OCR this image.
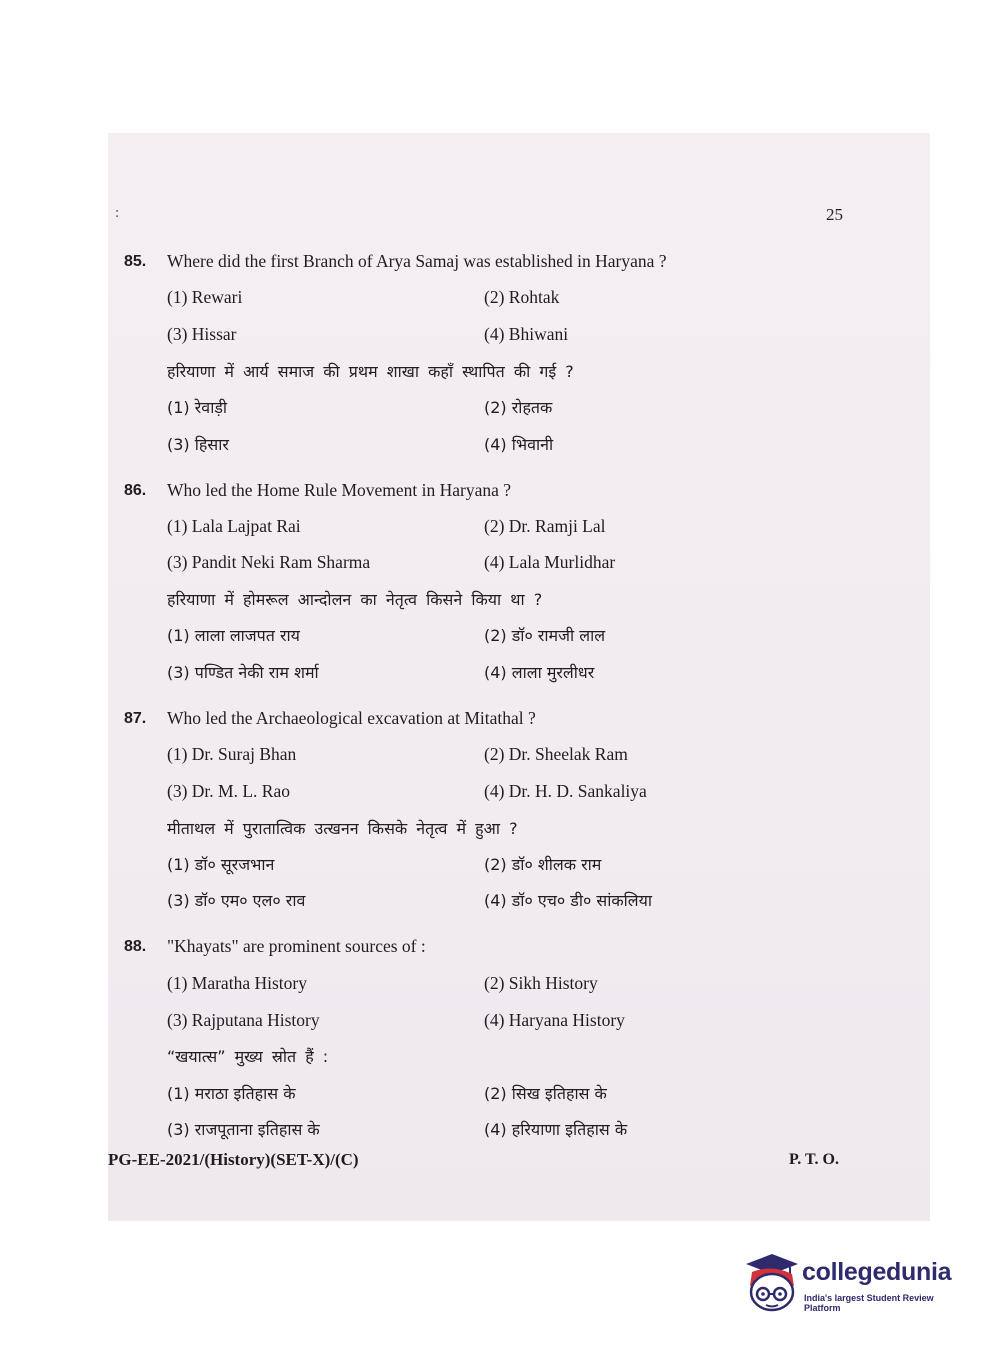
:	25
85. Where did the first Branch of Arya Samaj was established in Haryana ?
(1) Rewari	(2) Rohtak
(3) Hissar	(4) Bhiwani
हरियाणा में आर्य समाज की प्रथम शाखा कहाँ स्थापित की गई ?
(1) रेवाड़ी	(2) रोहतक
(3) हिसार	(4) भिवानी
86. Who led the Home Rule Movement in Haryana ?
(1) Lala Lajpat Rai	(2) Dr. Ramji Lal
(3) Pandit Neki Ram Sharma	(4) Lala Murlidhar
हरियाणा में होमरूल आन्दोलन का नेतृत्व किसने किया था ?
(1) लाला लाजपत राय	(2) डॉ० रामजी लाल
(3) पण्डित नेकी राम शर्मा	(4) लाला मुरलीधर
87. Who led the Archaeological excavation at Mitathal ?
(1) Dr. Suraj Bhan	(2) Dr. Sheelak Ram
(3) Dr. M. L. Rao	(4) Dr. H. D. Sankaliya
मीताथल में पुरातात्विक उत्खनन किसके नेतृत्व में हुआ ?
(1) डॉ० सूरजभान	(2) डॉ० शीलक राम
(3) डॉ० एम० एल० राव	(4) डॉ० एच० डी० सांकलिया
88. "Khayats" are prominent sources of :
(1) Maratha History	(2) Sikh History
(3) Rajputana History	(4) Haryana History
“खयात्स” मुख्य स्रोत हैं :
(1) मराठा इतिहास के	(2) सिख इतिहास के
(3) राजपूताना इतिहास के	(4) हरियाणा इतिहास के
PG-EE-2021/(History)(SET-X)/(C)	P. T. O.
collegedunia
India's largest Student Review Platform
